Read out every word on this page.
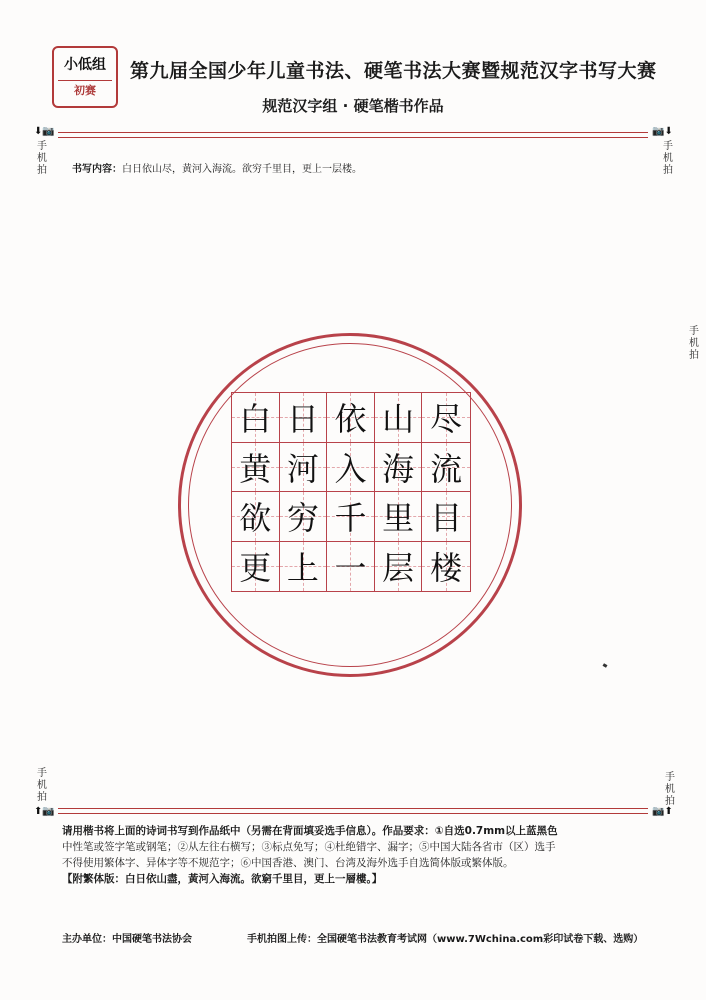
小低组
初赛
第九届全国少年儿童书法、硬笔书法大赛暨规范汉字书写大赛
规范汉字组 · 硬笔楷书作品
⬇📷	📷⬇
手
机
拍
手
机
拍
手
机
拍
书写内容：白日依山尽，黄河入海流。欲穷千里目，更上一层楼。
白 日 依 山 尽
黄 河 入 海 流
欲 穷 千 里 目
更 上 一 层 楼
手
机
拍
手
机
拍
⬆📷	📷⬆
请用楷书将上面的诗词书写到作品纸中（另需在背面填妥选手信息）。作品要求：①自选0.7mm以上蓝黑色
中性笔或签字笔或钢笔；②从左往右横写；③标点免写；④杜绝错字、漏字；⑤中国大陆各省市（区）选手
不得使用繁体字、异体字等不规范字；⑥中国香港、澳门、台湾及海外选手自选简体版或繁体版。
【附繁体版：白日依山盡，黃河入海流。欲窮千里目，更上一層樓。】
主办单位：中国硬笔书法协会	手机拍图上传：全国硬笔书法教育考试网（www.7Wchina.com彩印试卷下载、选购）
